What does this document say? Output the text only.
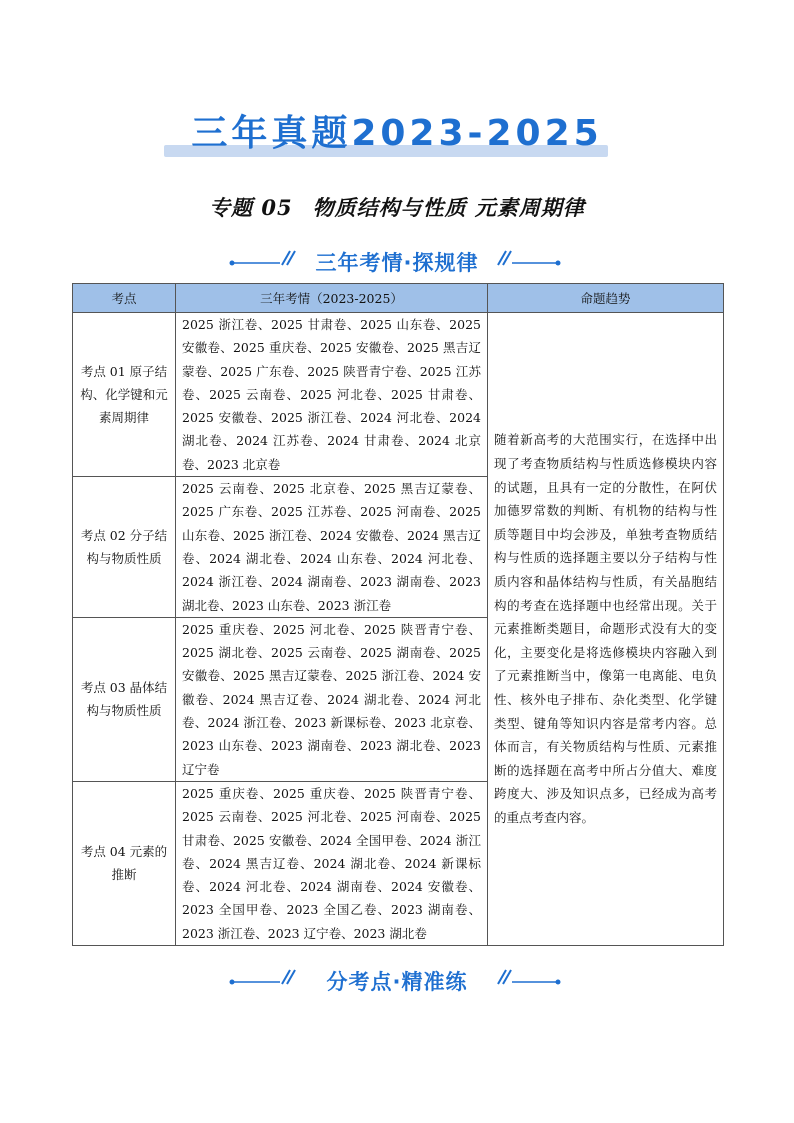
三年真题2023-2025
专题 05 物质结构与性质 元素周期律
三年考情·探规律
考点	三年考情（2023-2025）	命题趋势
考点 01 原子结构、化学键和元素周期律	2025 浙江卷、2025 甘肃卷、2025 山东卷、2025 安徽卷、2025 重庆卷、2025 安徽卷、2025 黑吉辽蒙卷、2025 广东卷、2025 陕晋青宁卷、2025 江苏卷、2025 云南卷、2025 河北卷、2025 甘肃卷、2025 安徽卷、2025 浙江卷、2024 河北卷、2024 湖北卷、2024 江苏卷、2024 甘肃卷、2024 北京卷、2023 北京卷	随着新高考的大范围实行，在选择中出现了考查物质结构与性质选修模块内容的试题，且具有一定的分散性，在阿伏加德罗常数的判断、有机物的结构与性质等题目中均会涉及，单独考查物质结构与性质的选择题主要以分子结构与性质内容和晶体结构与性质，有关晶胞结构的考查在选择题中也经常出现。关于元素推断类题目，命题形式没有大的变化，主要变化是将选修模块内容融入到了元素推断当中，像第一电离能、电负性、核外电子排布、杂化类型、化学键类型、键角等知识内容是常考内容。总体而言，有关物质结构与性质、元素推断的选择题在高考中所占分值大、难度跨度大、涉及知识点多，已经成为高考的重点考查内容。
考点 02 分子结构与物质性质	2025 云南卷、2025 北京卷、2025 黑吉辽蒙卷、2025 广东卷、2025 江苏卷、2025 河南卷、2025 山东卷、2025 浙江卷、2024 安徽卷、2024 黑吉辽卷、2024 湖北卷、2024 山东卷、2024 河北卷、2024 浙江卷、2024 湖南卷、2023 湖南卷、2023 湖北卷、2023 山东卷、2023 浙江卷	
考点 03 晶体结构与物质性质	2025 重庆卷、2025 河北卷、2025 陕晋青宁卷、2025 湖北卷、2025 云南卷、2025 湖南卷、2025 安徽卷、2025 黑吉辽蒙卷、2025 浙江卷、2024 安徽卷、2024 黑吉辽卷、2024 湖北卷、2024 河北卷、2024 浙江卷、2023 新课标卷、2023 北京卷、2023 山东卷、2023 湖南卷、2023 湖北卷、2023 辽宁卷	
考点 04 元素的推断	2025 重庆卷、2025 重庆卷、2025 陕晋青宁卷、2025 云南卷、2025 河北卷、2025 河南卷、2025 甘肃卷、2025 安徽卷、2024 全国甲卷、2024 浙江卷、2024 黑吉辽卷、2024 湖北卷、2024 新课标卷、2024 河北卷、2024 湖南卷、2024 安徽卷、2023 全国甲卷、2023 全国乙卷、2023 湖南卷、2023 浙江卷、2023 辽宁卷、2023 湖北卷	
分考点·精准练
